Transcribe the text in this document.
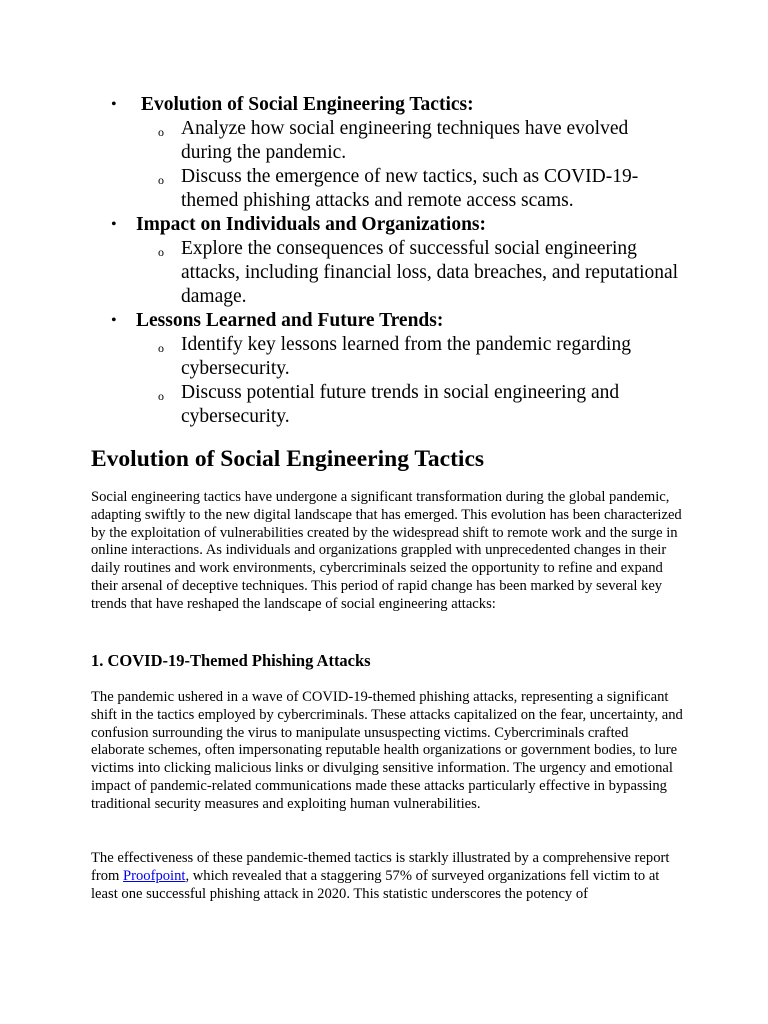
• Evolution of Social Engineering Tactics:
o Analyze how social engineering techniques have evolved during the pandemic.
o Discuss the emergence of new tactics, such as COVID-19-themed phishing attacks and remote access scams.
• Impact on Individuals and Organizations:
o Explore the consequences of successful social engineering attacks, including financial loss, data breaches, and reputational damage.
• Lessons Learned and Future Trends:
o Identify key lessons learned from the pandemic regarding cybersecurity.
o Discuss potential future trends in social engineering and cybersecurity.
Evolution of Social Engineering Tactics

Social engineering tactics have undergone a significant transformation during the global pandemic, adapting swiftly to the new digital landscape that has emerged. This evolution has been characterized by the exploitation of vulnerabilities created by the widespread shift to remote work and the surge in online interactions. As individuals and organizations grappled with unprecedented changes in their daily routines and work environments, cybercriminals seized the opportunity to refine and expand their arsenal of deceptive techniques. This period of rapid change has been marked by several key trends that have reshaped the landscape of social engineering attacks:

1. COVID-19-Themed Phishing Attacks

The pandemic ushered in a wave of COVID-19-themed phishing attacks, representing a significant shift in the tactics employed by cybercriminals. These attacks capitalized on the fear, uncertainty, and confusion surrounding the virus to manipulate unsuspecting victims. Cybercriminals crafted elaborate schemes, often impersonating reputable health organizations or government bodies, to lure victims into clicking malicious links or divulging sensitive information. The urgency and emotional impact of pandemic-related communications made these attacks particularly effective in bypassing traditional security measures and exploiting human vulnerabilities.

The effectiveness of these pandemic-themed tactics is starkly illustrated by a comprehensive report from Proofpoint, which revealed that a staggering 57% of surveyed organizations fell victim to at least one successful phishing attack in 2020. This statistic underscores the potency of
